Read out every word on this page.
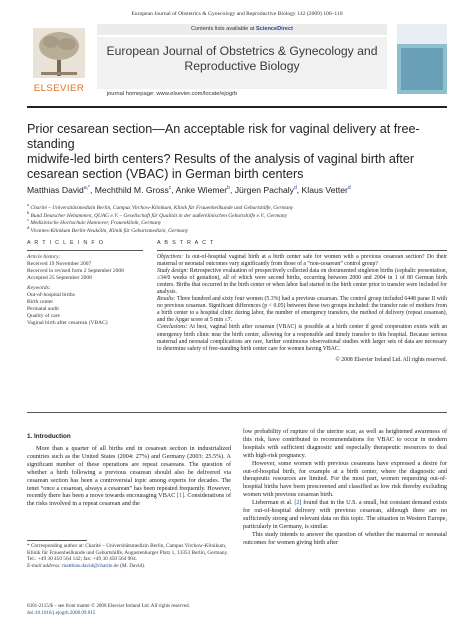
European Journal of Obstetrics & Gynecology and Reproductive Biology 142 (2009) 106–110
ELSEVIER
Contents lists available at ScienceDirect
European Journal of Obstetrics & Gynecology and
Reproductive Biology
journal homepage: www.elsevier.com/locate/ejogrb
Prior cesarean section—An acceptable risk for vaginal delivery at free-standing
midwife-led birth centers? Results of the analysis of vaginal birth after
cesarean section (VBAC) in German birth centers
Matthias David$^{a,*}$, Mechthild M. Gross$^c$, Anke Wiemer$^b$, Jürgen Pachaly$^d$, Klaus Vetter$^d$
$^a$ Charité – Universitätsmedizin Berlin, Campus Virchow-Klinikum, Klinik für Frauenheilkunde und Geburtshilfe, Germany
$^b$ Bund Deutscher Hebammen, QUAG e.V. – Gesellschaft für Qualität in der außerklinischen Geburtshilfe e.V., Germany
$^c$ Medizinische Hochschule Hannover, Frauenklinik, Germany
$^d$ Vivantes-Klinikum Berlin-Neukölln, Klinik für Geburtsmedizin, Germany
A R T I C L E I N F O
Article history:
Received 19 November 2007
Received in revised form 2 September 2008
Accepted 25 September 2008
Keywords:
Out-of-hospital births
Birth center
Perinatal audit
Quality of care
Vaginal birth after cesarean (VBAC)
A B S T R A C T
Objectives: Is out-of-hospital vaginal birth at a birth center safe for women with a previous cesarean section? Do their maternal or neonatal outcomes vary significantly from those of a “non-cesarean” control group?
Study design: Retrospective evaluation of prospectively collected data on documented singleton births (cephalic presentation, ≥34/0 weeks of gestation), all of which were second births, occurring between 2000 and 2004 in 1 of 80 German birth centers. Births that occurred in the birth center or when labor had started in the birth center prior to transfer were included for analysis.
Results: Three hundred and sixty four women (5.3%) had a previous cesarean. The control group included 6448 parae II with no previous cesarean. Significant differences (p < 0.05) between these two groups included: the transfer rate of mothers from a birth center to a hospital clinic during labor, the number of emergency transfers, the method of delivery (repeat cesarean), and the Apgar score at 5 min ≤7.
Conclusions: At best, vaginal birth after cesarean (VBAC) is possible at a birth center if good cooperation exists with an emergency birth clinic near the birth center, allowing for a responsible and timely transfer to this hospital. Because serious maternal and neonatal complications are rare, further continuous observational studies with larger sets of data are necessary to determine safety of free-standing birth center care for women having VBAC.
© 2008 Elsevier Ireland Ltd. All rights reserved.
1. Introduction

More than a quarter of all births end in cesarean section in industrialized countries such as the United States (2004: 27%) and Germany (2003: 25.5%). A significant number of these operations are repeat cesareans. The question of whether a birth following a previous cesarean should also be delivered via cesarean section has been a controversial topic among experts for decades. The tenet “once a cesarean, always a cesarean” has been repeated frequently. However, recently there has been a move towards encouraging VBAC [1]. Considerations of the risks involved in a repeat cesarean and the

* Corresponding author at: Charité – Universitätsmedizin Berlin, Campus Virchow-Klinikum, Klinik für Frauenheilkunde und Geburtshilfe, Augustenburger Platz 1, 13353 Berlin, Germany. Tel.: +49 30 450 564 142; fax: +49 30 450 564 904.
E-mail address: matthias.david@charite.de (M. David).
0301-2115/$ – see front matter © 2008 Elsevier Ireland Ltd. All rights reserved.
doi:10.1016/j.ejogrb.2008.09.015

low probability of rupture of the uterine scar, as well as heightened awareness of this risk, have contributed to recommendations for VBAC to occur in modern hospitals with sufficient diagnostic and especially therapeutic resources to deal with high-risk pregnancy.

However, some women with previous cesareans have expressed a desire for out-of-hospital birth, for example at a birth center, where the diagnostic and therapeutic resources are limited. For the most part, women requesting out-of-hospital births have been prescreened and classified as low risk thereby excluding women with previous cesarean birth.

Lieberman et al. [2] found that in the U.S. a small, but constant demand exists for out-of-hospital delivery with previous cesarean, although there are no sufficiently strong and relevant data on this topic. The situation in Western Europe, particularly in Germany, is similar.

This study intends to answer the question of whether the maternal or neonatal outcomes for women giving birth after
